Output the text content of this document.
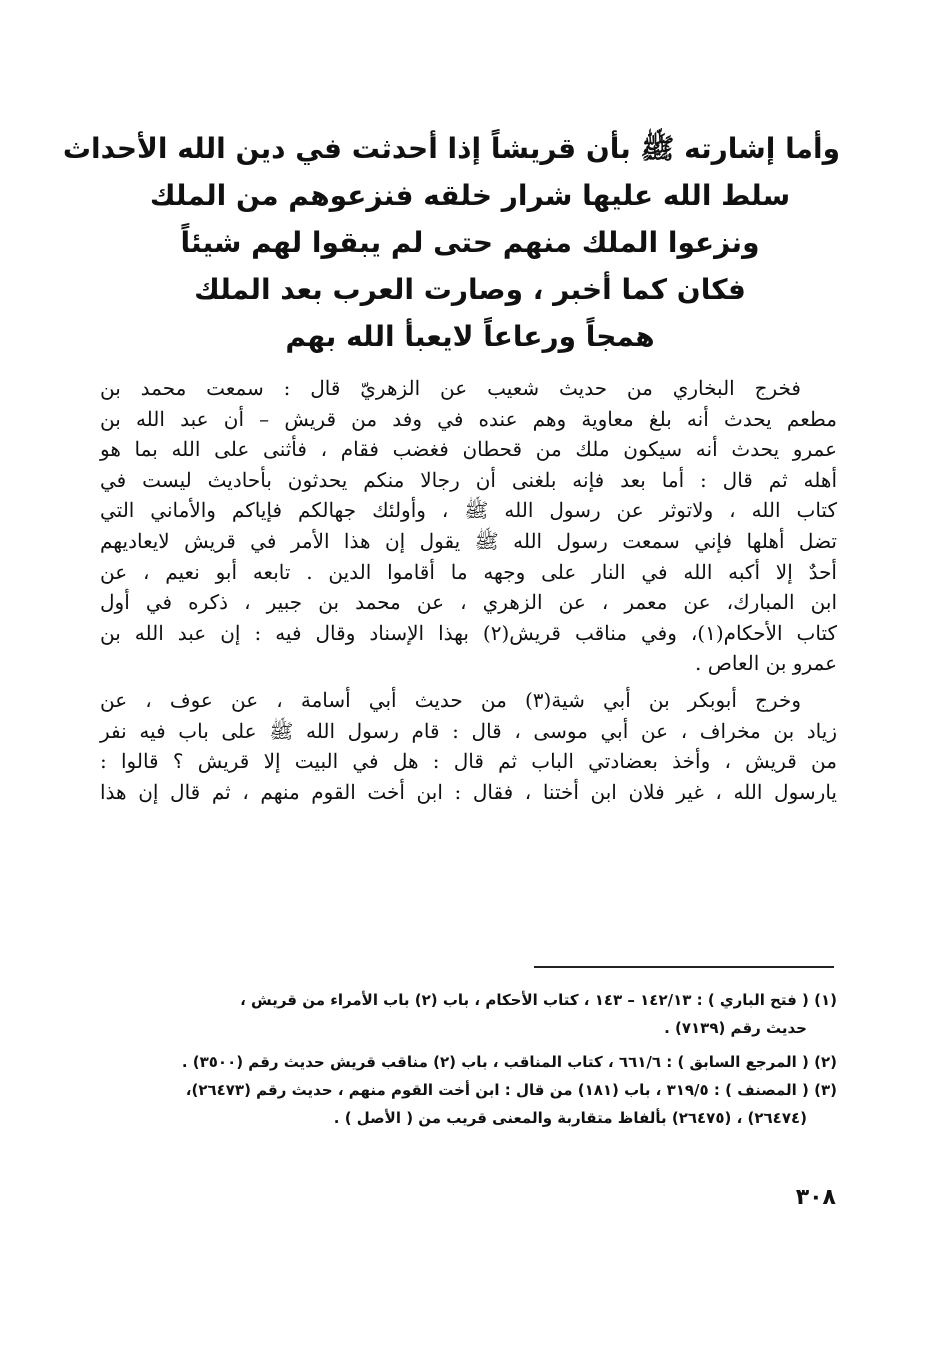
وأما إشارته ﷺ بأن قريشاً إذا أحدثت في دين الله الأحداث
سلط الله عليها شرار خلقه فنزعوهم من الملك
ونزعوا الملك منهم حتى لم يبقوا لهم شيئاً
فكان كما أخبر ، وصارت العرب بعد الملك
همجاً ورعاعاً لايعبأ الله بهم
فخرج البخاري من حديث شعيب عن الزهريّ قال : سمعت محمد بن
مطعم يحدث أنه بلغ معاوية وهم عنده في وفد من قريش – أن عبد الله بن
عمرو يحدث أنه سيكون ملك من قحطان فغضب فقام ، فأثنى على الله بما هو
أهله ثم قال : أما بعد فإنه بلغنى أن رجالا منكم يحدثون بأحاديث ليست في
كتاب الله ، ولاتوثر عن رسول الله ﷺ ، وأولئك جهالكم فإياكم والأماني التي
تضل أهلها فإني سمعت رسول الله ﷺ يقول إن هذا الأمر في قريش لايعاديهم
أحدٌ إلا أكبه الله في النار على وجهه ما أقاموا الدين . تابعه أبو نعيم ، عن
ابن المبارك، عن معمر ، عن الزهري ، عن محمد بن جبير ، ذكره في أول
كتاب الأحكام(١)، وفي مناقب قريش(٢) بهذا الإسناد وقال فيه : إن عبد الله بن
عمرو بن العاص .
وخرج أبوبكر بن أبي شية(٣) من حديث أبي أسامة ، عن عوف ، عن
زياد بن مخراف ، عن أبي موسى ، قال : قام رسول الله ﷺ على باب فيه نفر
من قريش ، وأخذ بعضادتي الباب ثم قال : هل في البيت إلا قريش ؟ قالوا :
يارسول الله ، غير فلان ابن أختنا ، فقال : ابن أخت القوم منهم ، ثم قال إن هذا
(١) ( فتح الباري ) : ١٤٢/١٣ – ١٤٣ ، كتاب الأحكام ، باب (٢) باب الأمراء من قريش ،
حديث رقم (٧١٣٩) .
(٢) ( المرجع السابق ) : ٦٦١/٦ ، كتاب المناقب ، باب (٢) مناقب قريش حديث رقم (٣٥٠٠) .
(٣) ( المصنف ) : ٣١٩/٥ ، باب (١٨١) من قال : ابن أخت القوم منهم ، حديث رقم (٢٦٤٧٣)،
(٢٦٤٧٤) ، (٢٦٤٧٥) بألفاظ متقاربة والمعنى قريب من ( الأصل ) .
٣٠٨
